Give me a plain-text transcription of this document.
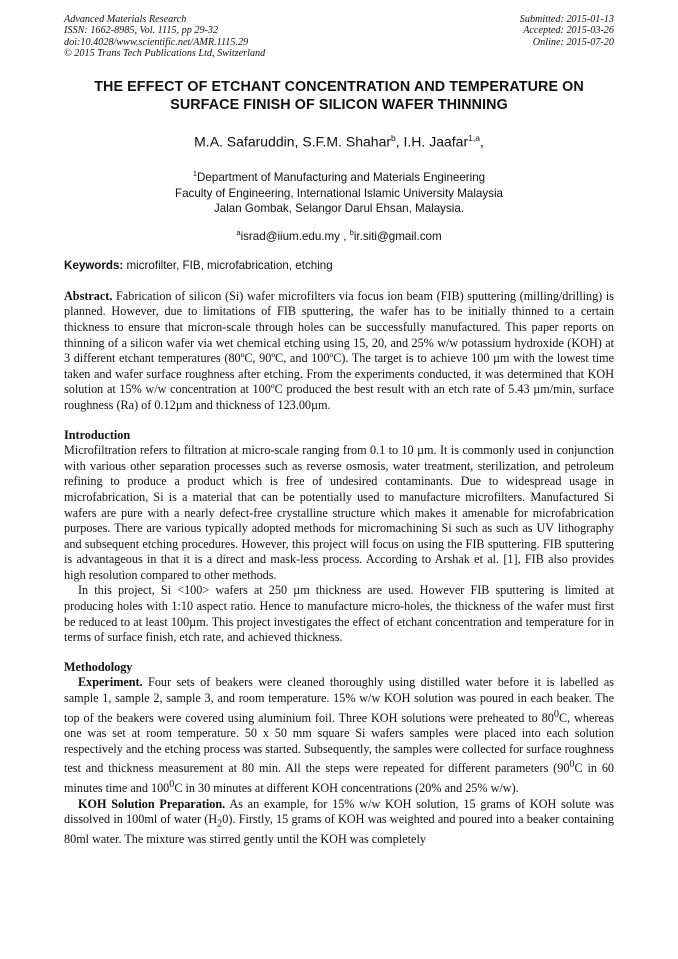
Advanced Materials Research
ISSN: 1662-8985, Vol. 1115, pp 29-32
doi:10.4028/www.scientific.net/AMR.1115.29
© 2015 Trans Tech Publications Ltd, Switzerland
Submitted: 2015-01-13
Accepted: 2015-03-26
Online: 2015-07-20
THE EFFECT OF ETCHANT CONCENTRATION AND TEMPERATURE ON
SURFACE FINISH OF SILICON WAFER THINNING
M.A. Safaruddin, S.F.M. Shahar$^b$, I.H. Jaafar$^{1,a}$,
$^1$Department of Manufacturing and Materials Engineering
Faculty of Engineering, International Islamic University Malaysia
Jalan Gombak, Selangor Darul Ehsan, Malaysia.
$^a$israd@iium.edu.my , $^b$ir.siti@gmail.com
Keywords: microfilter, FIB, microfabrication, etching
Abstract. Fabrication of silicon (Si) wafer microfilters via focus ion beam (FIB) sputtering (milling/drilling) is planned. However, due to limitations of FIB sputtering, the wafer has to be initially thinned to a certain thickness to ensure that micron-scale through holes can be successfully manufactured. This paper reports on thinning of a silicon wafer via wet chemical etching using 15, 20, and 25% w/w potassium hydroxide (KOH) at 3 different etchant temperatures (80ºC, 90ºC, and 100ºC). The target is to achieve 100 µm with the lowest time taken and wafer surface roughness after etching. From the experiments conducted, it was determined that KOH solution at 15% w/w concentration at 100ºC produced the best result with an etch rate of 5.43 µm/min, surface roughness (Ra) of 0.12µm and thickness of 123.00µm.
Introduction
Microfiltration refers to filtration at micro-scale ranging from 0.1 to 10 µm. It is commonly used in conjunction with various other separation processes such as reverse osmosis, water treatment, sterilization, and petroleum refining to produce a product which is free of undesired contaminants. Due to widespread usage in microfabrication, Si is a material that can be potentially used to manufacture microfilters. Manufactured Si wafers are pure with a nearly defect-free crystalline structure which makes it amenable for microfabrication purposes. There are various typically adopted methods for micromachining Si such as such as UV lithography and subsequent etching procedures. However, this project will focus on using the FIB sputtering. FIB sputtering is advantageous in that it is a direct and mask-less process. According to Arshak et al. [1], FIB also provides high resolution compared to other methods.
In this project, Si <100> wafers at 250 µm thickness are used. However FIB sputtering is limited at producing holes with 1:10 aspect ratio. Hence to manufacture micro-holes, the thickness of the wafer must first be reduced to at least 100µm. This project investigates the effect of etchant concentration and temperature for in terms of surface finish, etch rate, and achieved thickness.
Methodology
Experiment. Four sets of beakers were cleaned thoroughly using distilled water before it is labelled as sample 1, sample 2, sample 3, and room temperature. 15% w/w KOH solution was poured in each beaker. The top of the beakers were covered using aluminium foil. Three KOH solutions were preheated to $80^0C$, whereas one was set at room temperature. 50 x 50 mm square Si wafers samples were placed into each solution respectively and the etching process was started. Subsequently, the samples were collected for surface roughness test and thickness measurement at 80 min. All the steps were repeated for different parameters ($90^0C$ in 60 minutes time and $100^0C$ in 30 minutes at different KOH concentrations (20% and 25% w/w).
KOH Solution Preparation. As an example, for 15% w/w KOH solution, 15 grams of KOH solute was dissolved in 100ml of water $(H_20)$. Firstly, 15 grams of KOH was weighted and poured into a beaker containing 80ml water. The mixture was stirred gently until the KOH was completely
